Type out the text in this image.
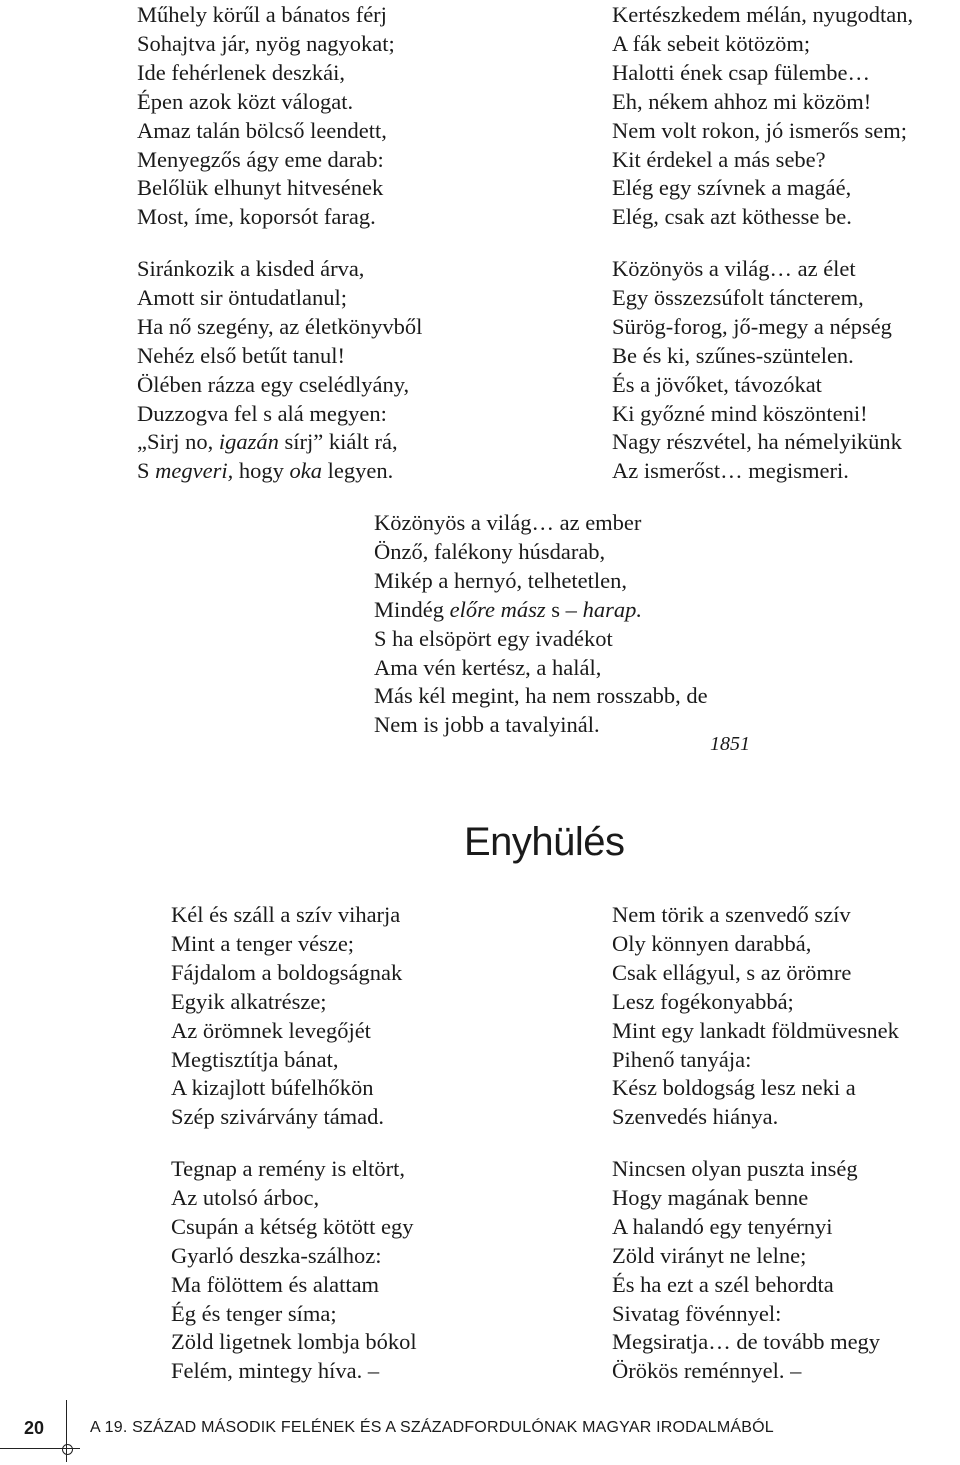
Műhely körűl a bánatos férj
Sohajtva jár, nyög nagyokat;
Ide fehérlenek deszkái,
Épen azok közt válogat.
Amaz talán bölcső leendett,
Menyegzős ágy eme darab:
Belőlük elhunyt hitvesének
Most, íme, koporsót farag.
Siránkozik a kisded árva,
Amott sir öntudatlanul;
Ha nő szegény, az életkönyvből
Nehéz első betűt tanul!
Ölében rázza egy cselédlyány,
Duzzogva fel s alá megyen:
„Sirj no, igazán sírj” kiált rá,
S megveri, hogy oka legyen.
Kertészkedem mélán, nyugodtan,
A fák sebeit kötözöm;
Halotti ének csap fülembe…
Eh, nékem ahhoz mi közöm!
Nem volt rokon, jó ismerős sem;
Kit érdekel a más sebe?
Elég egy szívnek a magáé,
Elég, csak azt köthesse be.
Közönyös a világ… az élet
Egy összezsúfolt táncterem,
Sürög-forog, jő-megy a népség
Be és ki, szűnes-szüntelen.
És a jövőket, távozókat
Ki győzné mind köszönteni!
Nagy részvétel, ha némelyikünk
Az ismerőst… megismeri.
Közönyös a világ… az ember
Önző, falékony húsdarab,
Mikép a hernyó, telhetetlen,
Mindég előre mász s – harap.
S ha elsöpört egy ivadékot
Ama vén kertész, a halál,
Más kél megint, ha nem rosszabb, de
Nem is jobb a tavalyinál.
1851
Enyhülés
Kél és száll a szív viharja
Mint a tenger vésze;
Fájdalom a boldogságnak
Egyik alkatrésze;
Az örömnek levegőjét
Megtisztítja bánat,
A kizajlott búfelhőkön
Szép szivárvány támad.
Tegnap a remény is eltört,
Az utolsó árboc,
Csupán a kétség kötött egy
Gyarló deszka-szálhoz:
Ma fölöttem és alattam
Ég és tenger síma;
Zöld ligetnek lombja bókol
Felém, mintegy híva. –
Nem törik a szenvedő szív
Oly könnyen darabbá,
Csak ellágyul, s az örömre
Lesz fogékonyabbá;
Mint egy lankadt földmüvesnek
Pihenő tanyája:
Kész boldogság lesz neki a
Szenvedés hiánya.
Nincsen olyan puszta inség
Hogy magának benne
A halandó egy tenyérnyi
Zöld virányt ne lelne;
És ha ezt a szél behordta
Sivatag fövénnyel:
Megsiratja… de tovább megy
Örökös reménnyel. –
20	A 19. SZÁZAD MÁSODIK FELÉNEK ÉS A SZÁZADFORDULÓNAK MAGYAR IRODALMÁBÓL
